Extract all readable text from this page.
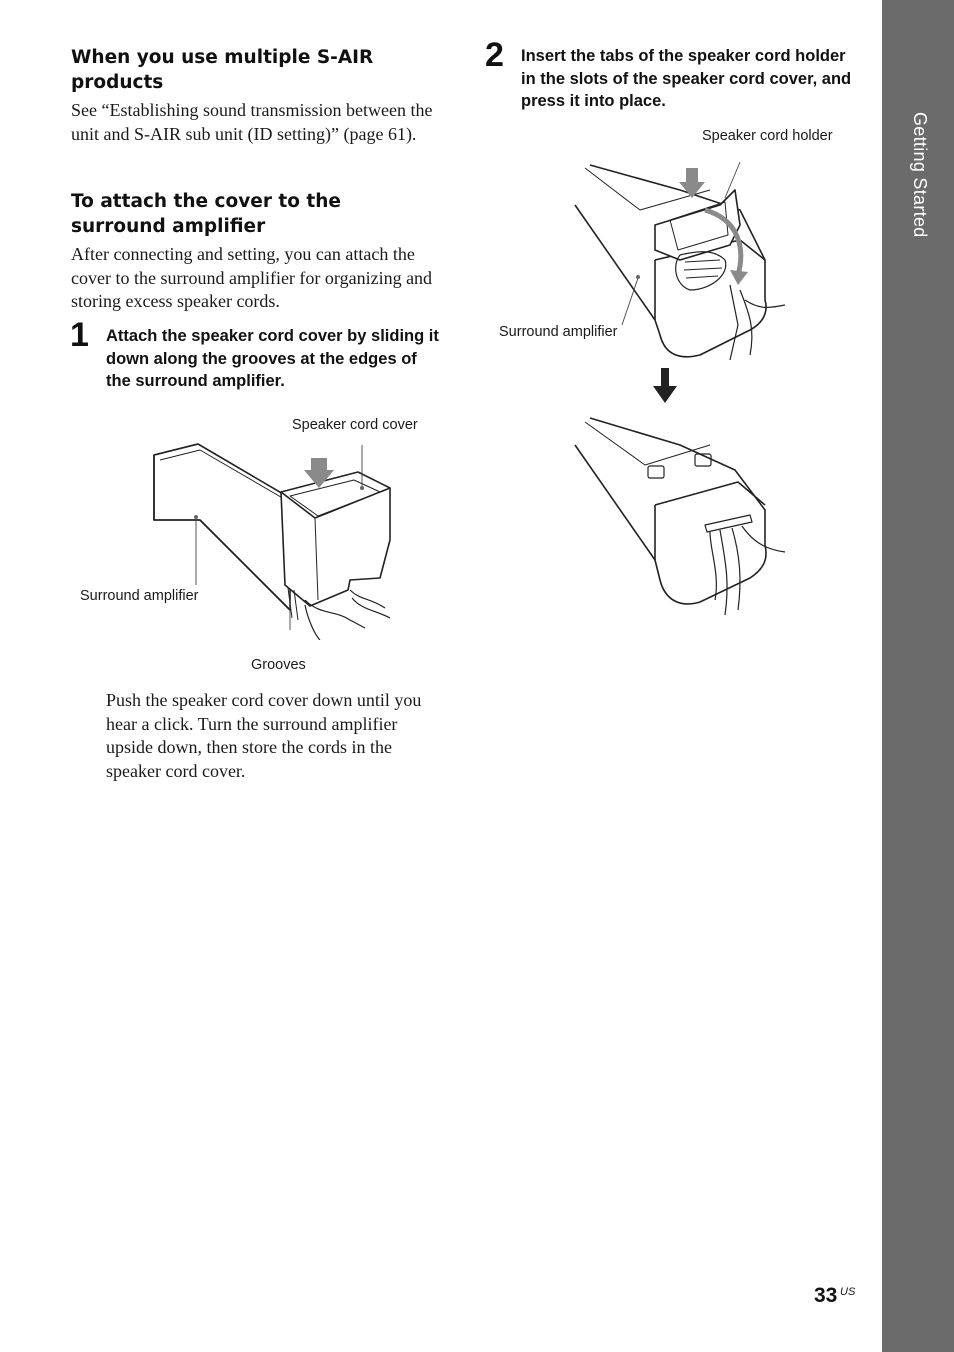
Getting Started
When you use multiple S-AIR products
See “Establishing sound transmission between the unit and S-AIR sub unit (ID setting)” (page 61).
To attach the cover to the surround amplifier
After connecting and setting, you can attach the cover to the surround amplifier for organizing and storing excess speaker cords.
1 Attach the speaker cord cover by sliding it down along the grooves at the edges of the surround amplifier.
Speaker cord cover
Surround amplifier
Grooves
Push the speaker cord cover down until you hear a click. Turn the surround amplifier upside down, then store the cords in the speaker cord cover.
2 Insert the tabs of the speaker cord holder in the slots of the speaker cord cover, and press it into place.
Speaker cord holder
Surround amplifier
33 US
